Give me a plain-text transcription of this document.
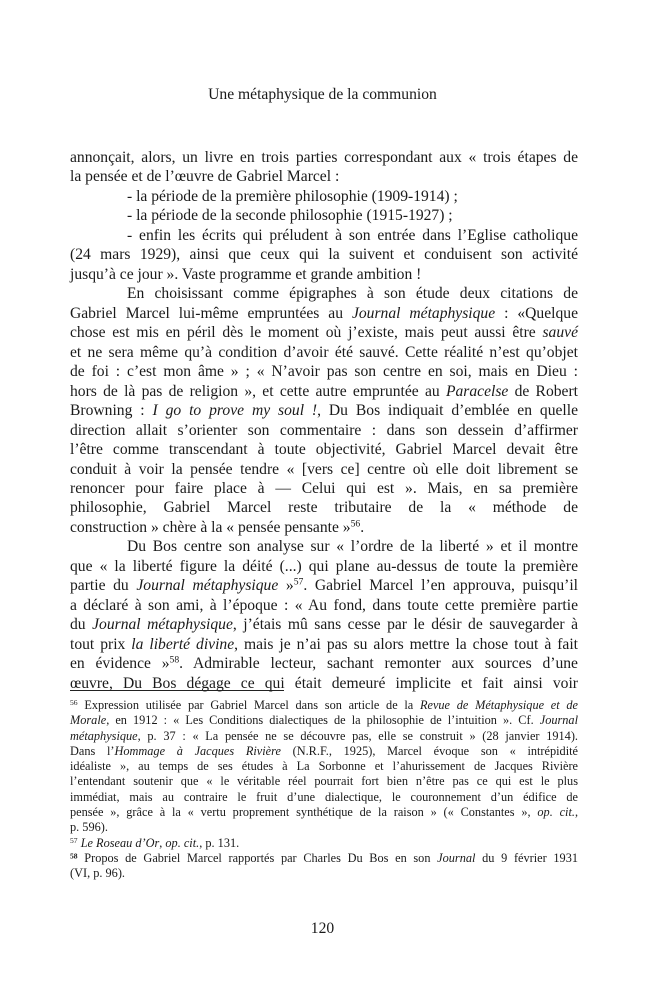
Une métaphysique de la communion
annonçait, alors, un livre en trois parties correspondant aux « trois étapes de
la pensée et de l’œuvre de Gabriel Marcel :
- la période de la première philosophie (1909-1914) ;
- la période de la seconde philosophie (1915-1927) ;
- enfin les écrits qui préludent à son entrée dans l’Eglise catholique
(24 mars 1929), ainsi que ceux qui la suivent et conduisent son activité
jusqu’à ce jour ». Vaste programme et grande ambition !
En choisissant comme épigraphes à son étude deux citations de
Gabriel Marcel lui-même empruntées au Journal métaphysique : «Quelque
chose est mis en péril dès le moment où j’existe, mais peut aussi être sauvé
et ne sera même qu’à condition d’avoir été sauvé. Cette réalité n’est qu’objet
de foi : c’est mon âme » ; « N’avoir pas son centre en soi, mais en Dieu :
hors de là pas de religion », et cette autre empruntée au Paracelse de Robert
Browning : I go to prove my soul !, Du Bos indiquait d’emblée en quelle
direction allait s’orienter son commentaire : dans son dessein d’affirmer
l’être comme transcendant à toute objectivité, Gabriel Marcel devait être
conduit à voir la pensée tendre « [vers ce] centre où elle doit librement se
renoncer pour faire place à — Celui qui est ». Mais, en sa première
philosophie, Gabriel Marcel reste tributaire de la « méthode de
construction » chère à la « pensée pensante »$^{56}$.
Du Bos centre son analyse sur « l’ordre de la liberté » et il montre
que « la liberté figure la déité (...) qui plane au-dessus de toute la première
partie du Journal métaphysique »$^{57}$. Gabriel Marcel l’en approuva, puisqu’il
a déclaré à son ami, à l’époque : « Au fond, dans toute cette première partie
du Journal métaphysique, j’étais mû sans cesse par le désir de sauvegarder à
tout prix la liberté divine, mais je n’ai pas su alors mettre la chose tout à fait
en évidence »$^{58}$. Admirable lecteur, sachant remonter aux sources d’une
œuvre, Du Bos dégage ce qui était demeuré implicite et fait ainsi voir
$^{56}$ Expression utilisée par Gabriel Marcel dans son article de la Revue de Métaphysique et de
Morale, en 1912 : « Les Conditions dialectiques de la philosophie de l’intuition ». Cf. Journal
métaphysique, p. 37 : « La pensée ne se découvre pas, elle se construit » (28 janvier 1914).
Dans l’Hommage à Jacques Rivière (N.R.F., 1925), Marcel évoque son « intrépidité
idéaliste », au temps de ses études à La Sorbonne et l’ahurissement de Jacques Rivière
l’entendant soutenir que « le véritable réel pourrait fort bien n’être pas ce qui est le plus
immédiat, mais au contraire le fruit d’une dialectique, le couronnement d’un édifice de
pensée », grâce à la « vertu proprement synthétique de la raison » (« Constantes », op. cit.,
p. 596).
$^{57}$ Le Roseau d’Or, op. cit., p. 131.
$^{58}$ Propos de Gabriel Marcel rapportés par Charles Du Bos en son Journal du 9 février 1931
(VI, p. 96).
120
